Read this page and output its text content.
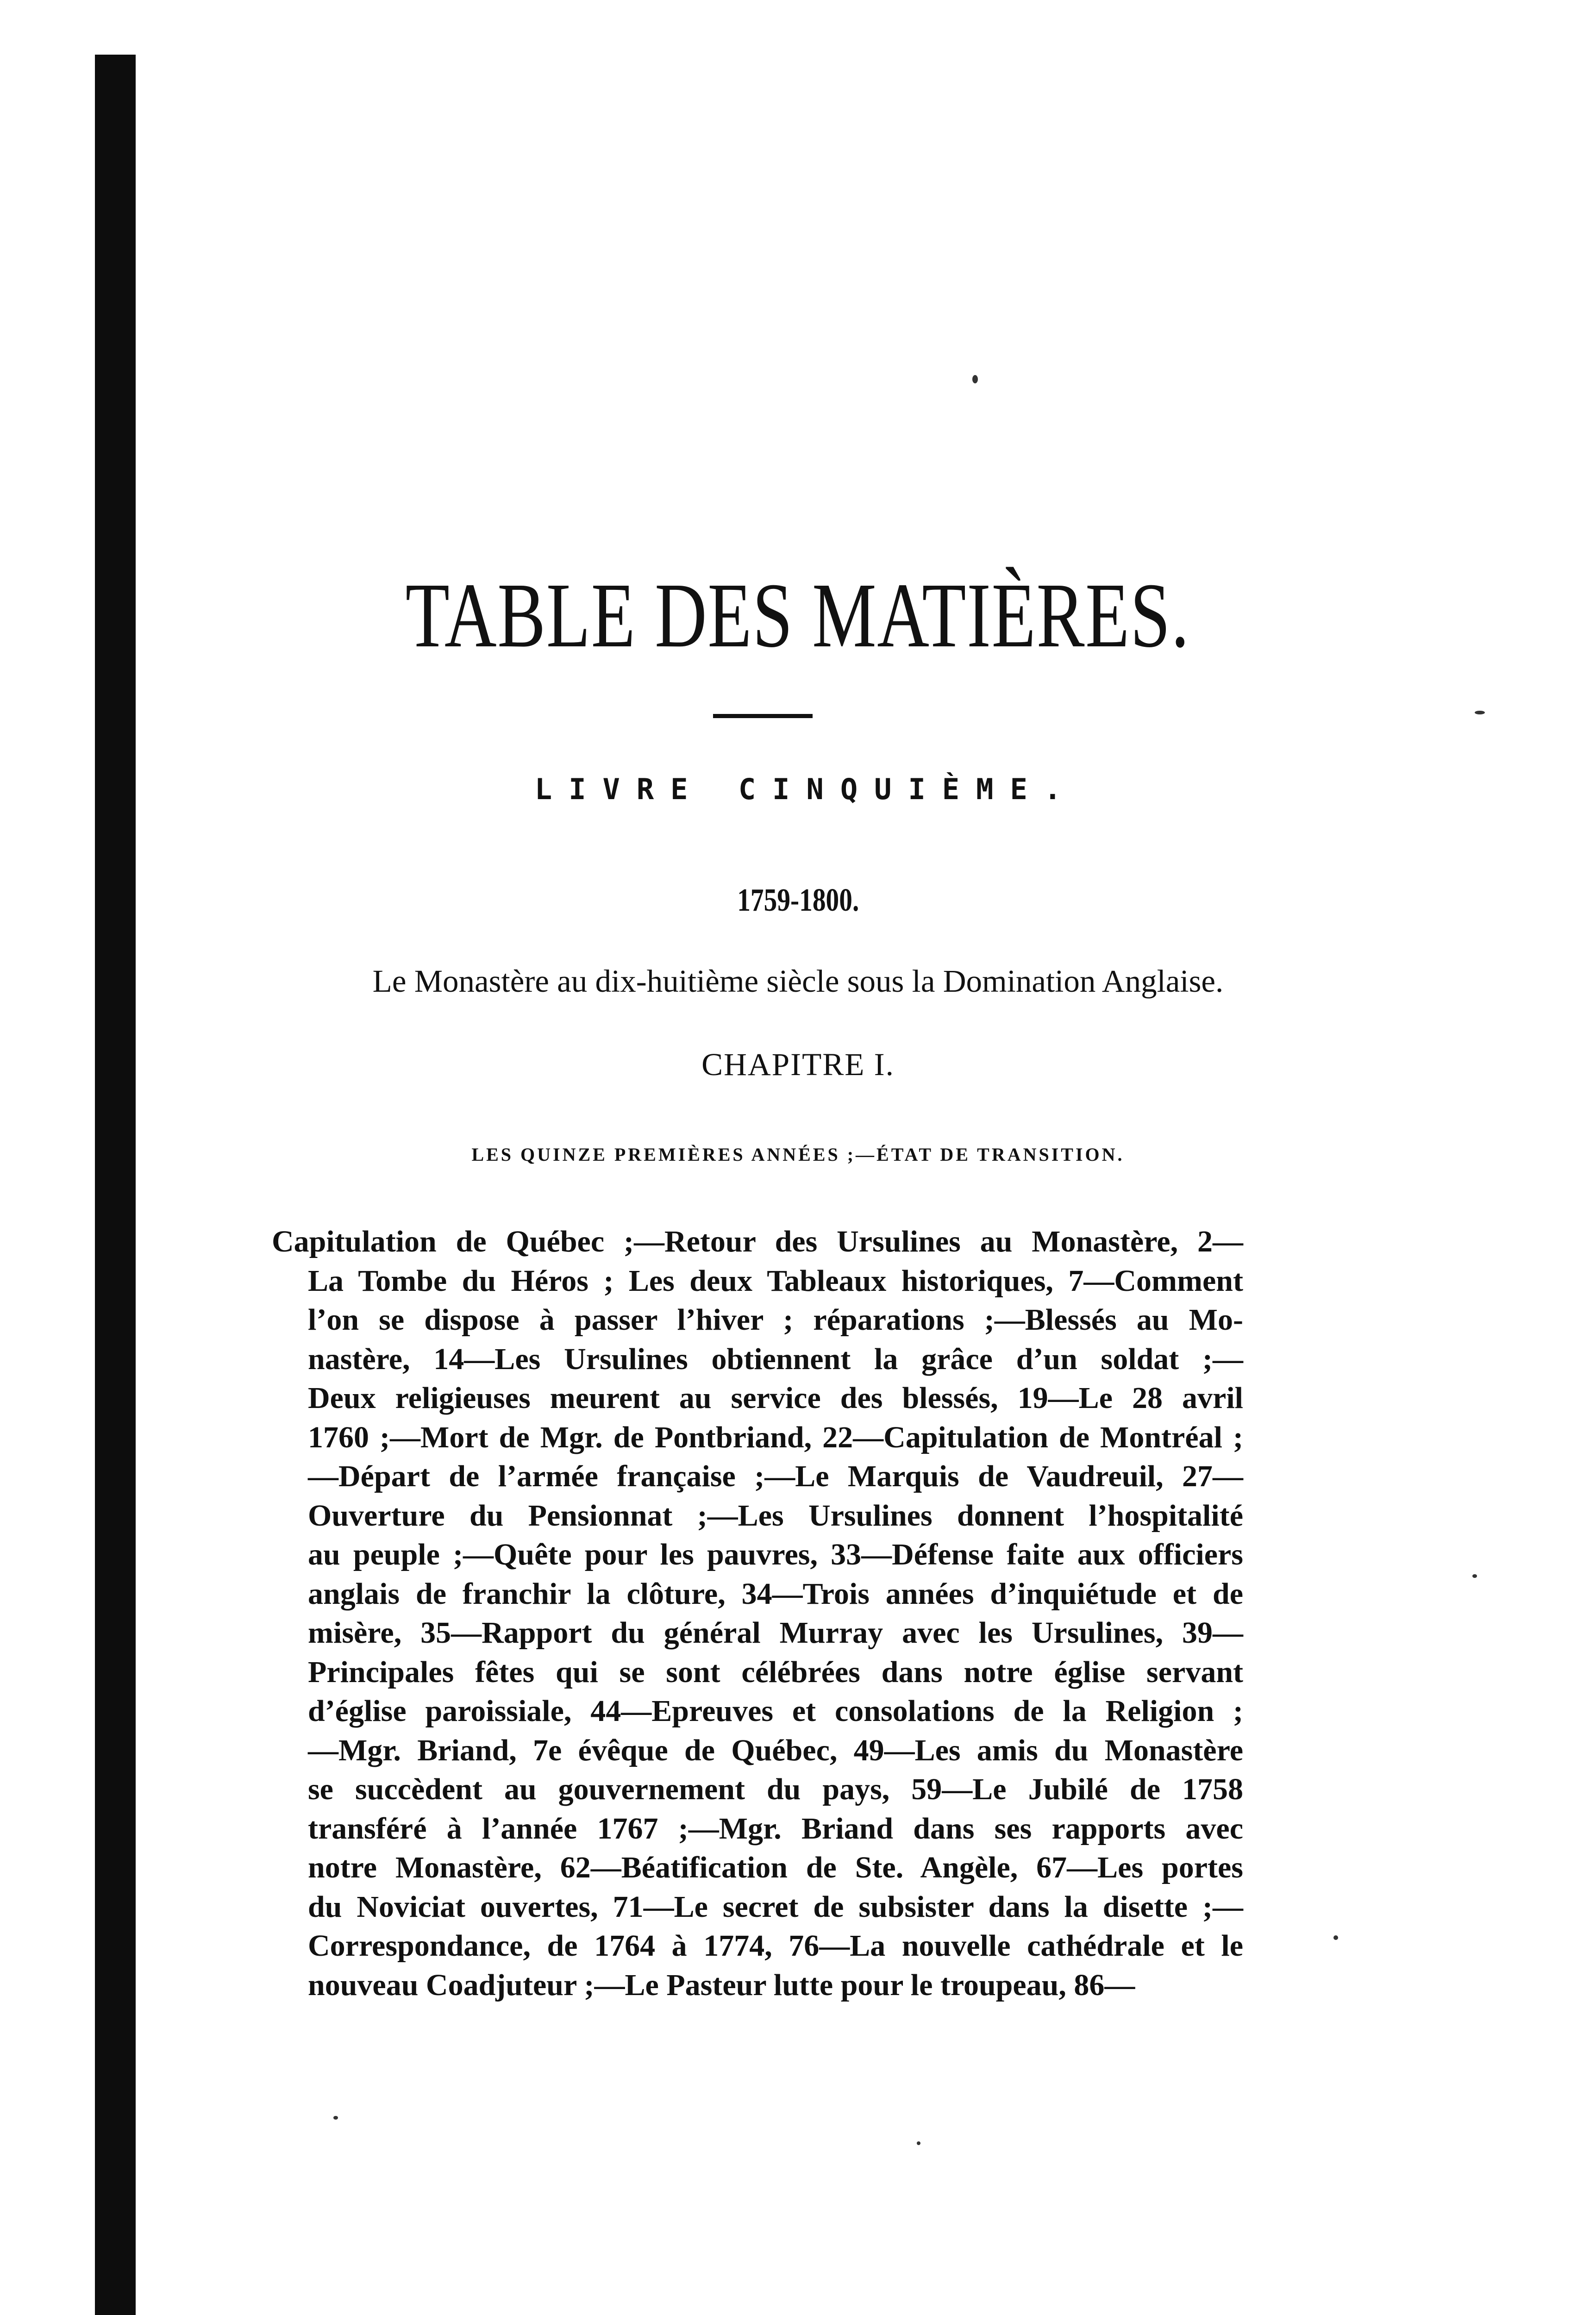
TABLE DES MATIÈRES.
LIVRE CINQUIÈME.
1759-1800.
Le Monastère au dix-huitième siècle sous la Domination Anglaise.
CHAPITRE I.
LES QUINZE PREMIÈRES ANNÉES ;—ÉTAT DE TRANSITION.

Capitulation de Québec ;—Retour des Ursulines au Monastère, 2—
La Tombe du Héros ; Les deux Tableaux historiques, 7—Comment
l’on se dispose à passer l’hiver ; réparations ;—Blessés au Mo-
nastère, 14—Les Ursulines obtiennent la grâce d’un soldat ;—
Deux religieuses meurent au service des blessés, 19—Le 28 avril
1760 ;—Mort de Mgr. de Pontbriand, 22—Capitulation de Montréal ;
—Départ de l’armée française ;—Le Marquis de Vaudreuil, 27—
Ouverture du Pensionnat ;—Les Ursulines donnent l’hospitalité
au peuple ;—Quête pour les pauvres, 33—Défense faite aux officiers
anglais de franchir la clôture, 34—Trois années d’inquiétude et de
misère, 35—Rapport du général Murray avec les Ursulines, 39—
Principales fêtes qui se sont célébrées dans notre église servant
d’église paroissiale, 44—Epreuves et consolations de la Religion ;
—Mgr. Briand, 7e évêque de Québec, 49—Les amis du Monastère
se succèdent au gouvernement du pays, 59—Le Jubilé de 1758
transféré à l’année 1767 ;—Mgr. Briand dans ses rapports avec
notre Monastère, 62—Béatification de Ste. Angèle, 67—Les portes
du Noviciat ouvertes, 71—Le secret de subsister dans la disette ;—
Correspondance, de 1764 à 1774, 76—La nouvelle cathédrale et le
nouveau Coadjuteur ;—Le Pasteur lutte pour le troupeau, 86—
